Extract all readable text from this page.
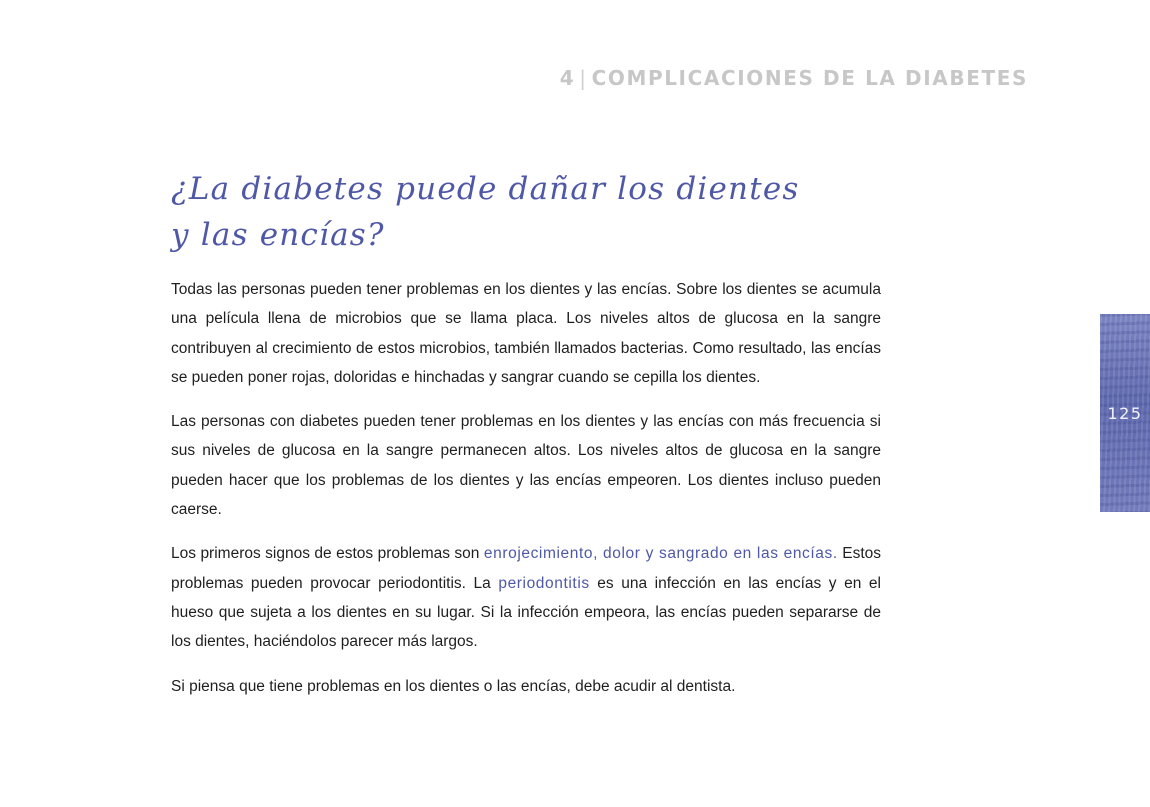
4 | COMPLICACIONES DE LA DIABETES
¿La diabetes puede dañar los dientes
y las encías?

Todas las personas pueden tener problemas en los dientes y las encías. Sobre los dientes se acumula una película llena de microbios que se llama placa. Los niveles altos de glucosa en la sangre contribuyen al crecimiento de estos microbios, también llamados bacterias. Como resultado, las encías se pueden poner rojas, doloridas e hinchadas y sangrar cuando se cepilla los dientes.

Las personas con diabetes pueden tener problemas en los dientes y las encías con más frecuencia si sus niveles de glucosa en la sangre permanecen altos. Los niveles altos de glucosa en la sangre pueden hacer que los problemas de los dientes y las encías empeoren. Los dientes incluso pueden caerse.

Los primeros signos de estos problemas son enrojecimiento, dolor y sangrado en las encías. Estos problemas pueden provocar periodontitis. La periodontitis es una infección en las encías y en el hueso que sujeta a los dientes en su lugar. Si la infección empeora, las encías pueden separarse de los dientes, haciéndolos parecer más largos.

Si piensa que tiene problemas en los dientes o las encías, debe acudir al dentista.

125
